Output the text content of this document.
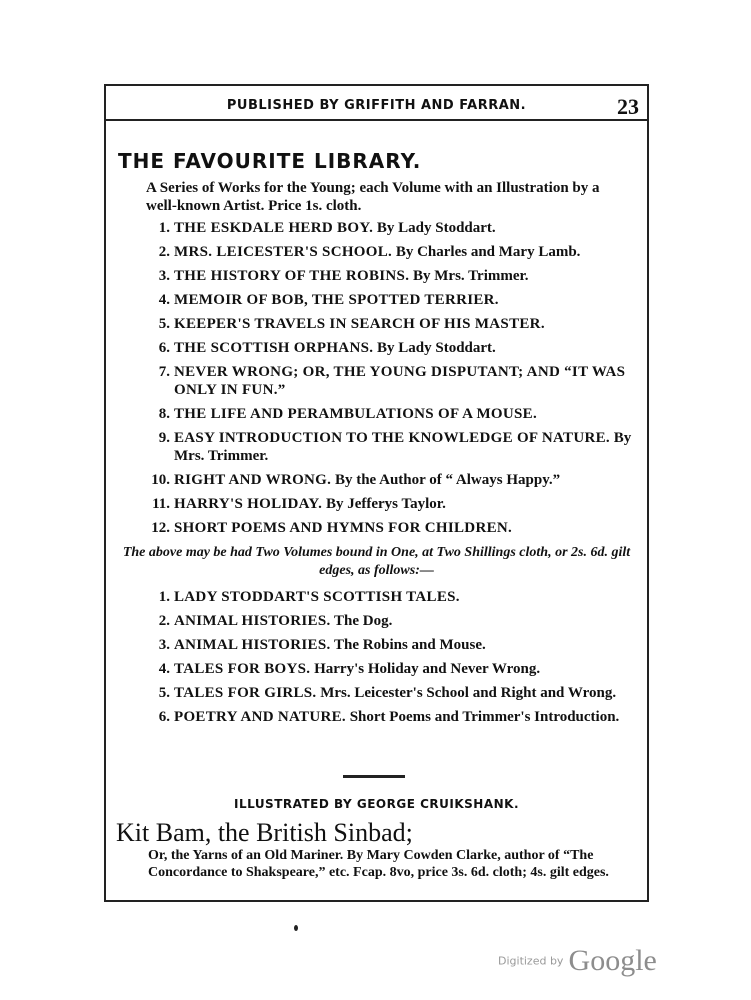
PUBLISHED BY GRIFFITH AND FARRAN.	23
THE FAVOURITE LIBRARY.
A Series of Works for the Young; each Volume with an Illustration by a well-known Artist. Price 1s. cloth.
1. THE ESKDALE HERD BOY. By Lady Stoddart.
2. MRS. LEICESTER'S SCHOOL. By Charles and Mary Lamb.
3. THE HISTORY OF THE ROBINS. By Mrs. Trimmer.
4. MEMOIR OF BOB, THE SPOTTED TERRIER.
5. KEEPER'S TRAVELS IN SEARCH OF HIS MASTER.
6. THE SCOTTISH ORPHANS. By Lady Stoddart.
7. NEVER WRONG; OR, THE YOUNG DISPUTANT; AND “IT WAS ONLY IN FUN.”
8. THE LIFE AND PERAMBULATIONS OF A MOUSE.
9. EASY INTRODUCTION TO THE KNOWLEDGE OF NATURE. By Mrs. Trimmer.
10. RIGHT AND WRONG. By the Author of “ Always Happy.”
11. HARRY'S HOLIDAY. By Jefferys Taylor.
12. SHORT POEMS AND HYMNS FOR CHILDREN.
The above may be had Two Volumes bound in One, at Two Shillings cloth, or 2s. 6d. gilt edges, as follows:—
1. LADY STODDART'S SCOTTISH TALES.
2. ANIMAL HISTORIES. The Dog.
3. ANIMAL HISTORIES. The Robins and Mouse.
4. TALES FOR BOYS. Harry's Holiday and Never Wrong.
5. TALES FOR GIRLS. Mrs. Leicester's School and Right and Wrong.
6. POETRY AND NATURE. Short Poems and Trimmer's Introduction.
ILLUSTRATED BY GEORGE CRUIKSHANK.
Kit Bam, the British Sinbad;
Or, the Yarns of an Old Mariner. By Mary Cowden Clarke, author of “The Concordance to Shakspeare,” etc. Fcap. 8vo, price 3s. 6d. cloth; 4s. gilt edges.
Digitized by Google
